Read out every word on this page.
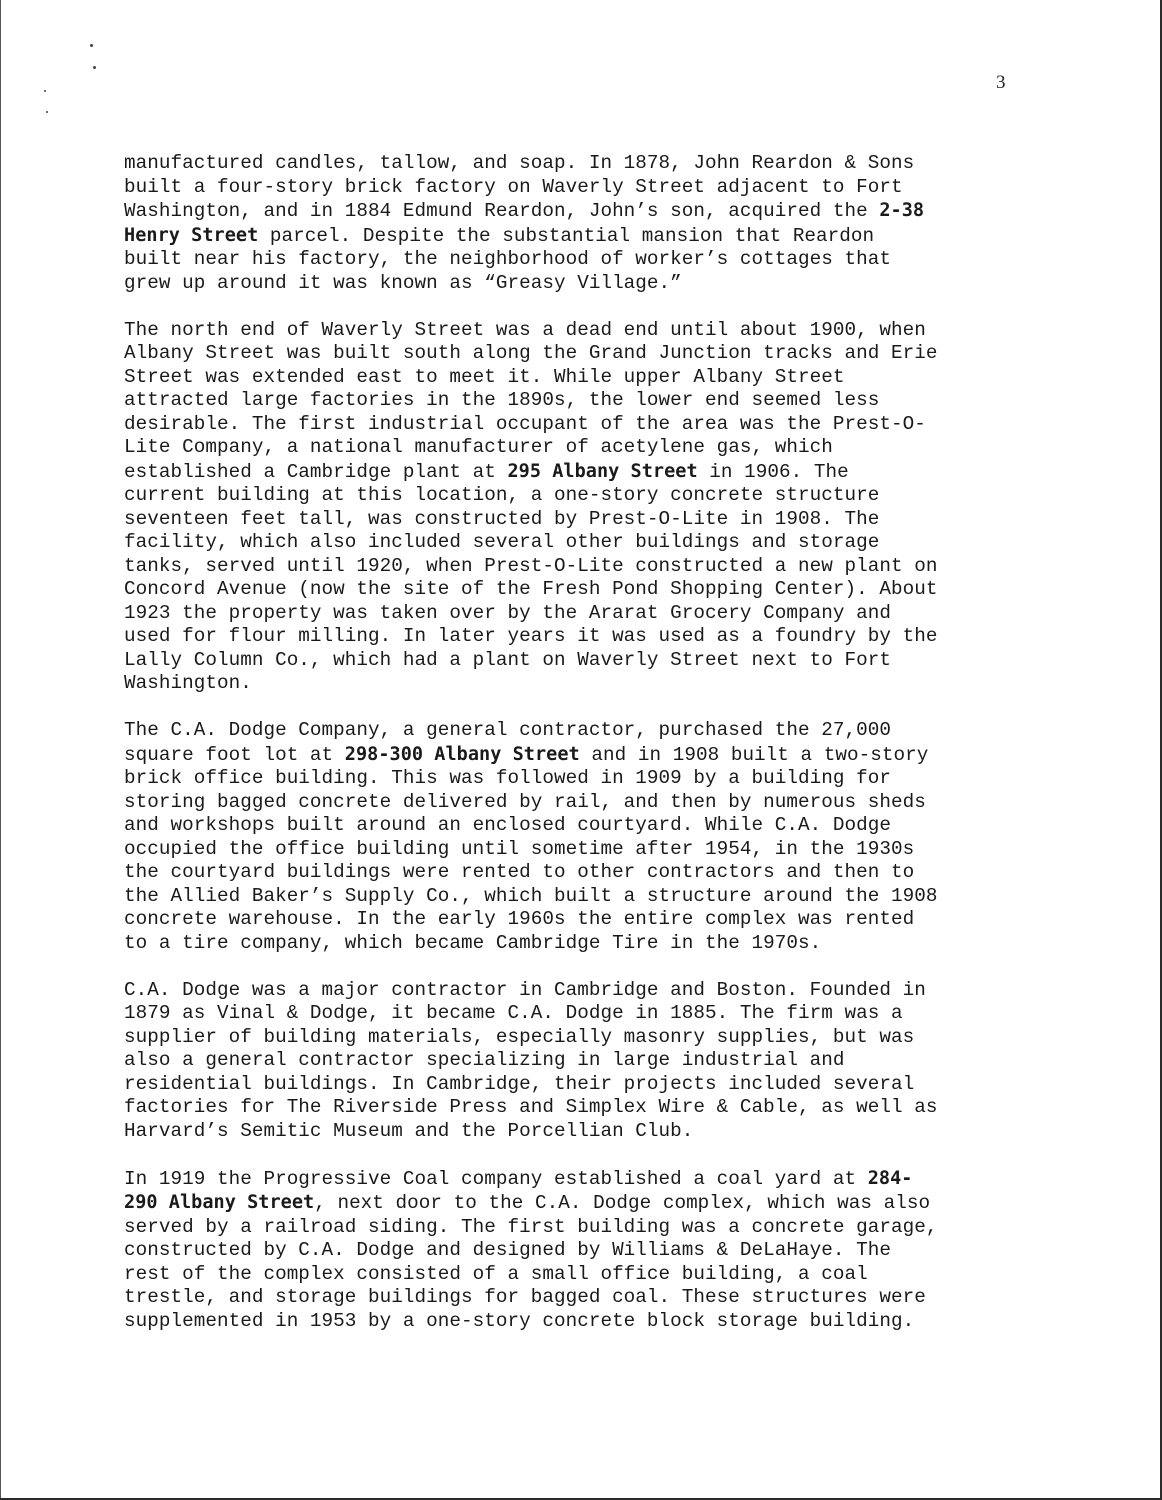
3

manufactured candles, tallow, and soap. In 1878, John Reardon & Sons
built a four-story brick factory on Waverly Street adjacent to Fort
Washington, and in 1884 Edmund Reardon, John’s son, acquired the 2-38
Henry Street parcel. Despite the substantial mansion that Reardon
built near his factory, the neighborhood of worker’s cottages that
grew up around it was known as “Greasy Village.”

The north end of Waverly Street was a dead end until about 1900, when
Albany Street was built south along the Grand Junction tracks and Erie
Street was extended east to meet it. While upper Albany Street
attracted large factories in the 1890s, the lower end seemed less
desirable. The first industrial occupant of the area was the Prest-O-
Lite Company, a national manufacturer of acetylene gas, which
established a Cambridge plant at 295 Albany Street in 1906. The
current building at this location, a one-story concrete structure
seventeen feet tall, was constructed by Prest-O-Lite in 1908. The
facility, which also included several other buildings and storage
tanks, served until 1920, when Prest-O-Lite constructed a new plant on
Concord Avenue (now the site of the Fresh Pond Shopping Center). About
1923 the property was taken over by the Ararat Grocery Company and
used for flour milling. In later years it was used as a foundry by the
Lally Column Co., which had a plant on Waverly Street next to Fort
Washington.

The C.A. Dodge Company, a general contractor, purchased the 27,000
square foot lot at 298-300 Albany Street and in 1908 built a two-story
brick office building. This was followed in 1909 by a building for
storing bagged concrete delivered by rail, and then by numerous sheds
and workshops built around an enclosed courtyard. While C.A. Dodge
occupied the office building until sometime after 1954, in the 1930s
the courtyard buildings were rented to other contractors and then to
the Allied Baker’s Supply Co., which built a structure around the 1908
concrete warehouse. In the early 1960s the entire complex was rented
to a tire company, which became Cambridge Tire in the 1970s.

C.A. Dodge was a major contractor in Cambridge and Boston. Founded in
1879 as Vinal & Dodge, it became C.A. Dodge in 1885. The firm was a
supplier of building materials, especially masonry supplies, but was
also a general contractor specializing in large industrial and
residential buildings. In Cambridge, their projects included several
factories for The Riverside Press and Simplex Wire & Cable, as well as
Harvard’s Semitic Museum and the Porcellian Club.

In 1919 the Progressive Coal company established a coal yard at 284-
290 Albany Street, next door to the C.A. Dodge complex, which was also
served by a railroad siding. The first building was a concrete garage,
constructed by C.A. Dodge and designed by Williams & DeLaHaye. The
rest of the complex consisted of a small office building, a coal
trestle, and storage buildings for bagged coal. These structures were
supplemented in 1953 by a one-story concrete block storage building.
